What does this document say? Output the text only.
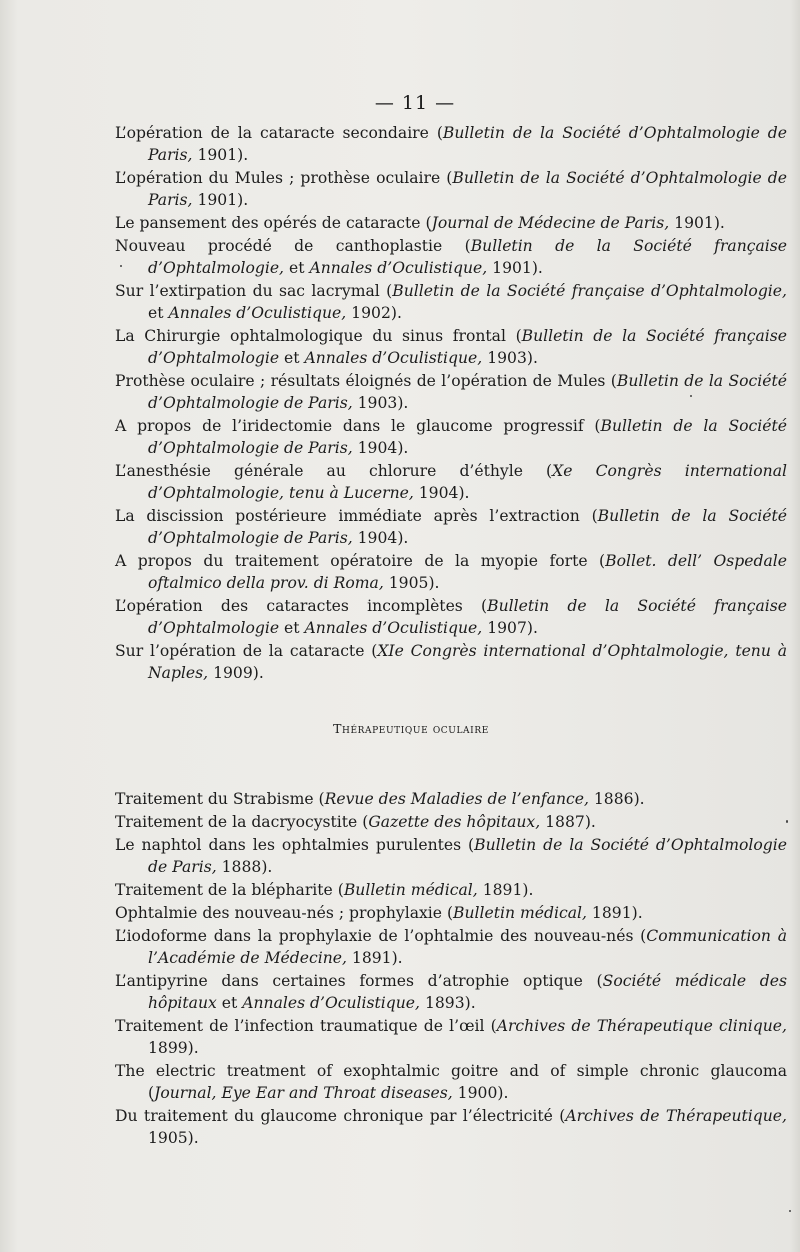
— 11 —

L’opération de la cataracte secondaire (Bulletin de la Société d’Ophtalmologie de Paris, 1901).

L’opération du Mules ; prothèse oculaire (Bulletin de la Société d’Ophtalmologie de Paris, 1901).

Le pansement des opérés de cataracte (Journal de Médecine de Paris, 1901).

Nouveau procédé de canthoplastie (Bulletin de la Société française d’Ophtalmologie, et Annales d’Oculistique, 1901).

Sur l’extirpation du sac lacrymal (Bulletin de la Société française d’Ophtalmologie, et Annales d’Oculistique, 1902).

La Chirurgie ophtalmologique du sinus frontal (Bulletin de la Société française d’Ophtalmologie et Annales d’Oculistique, 1903).

Prothèse oculaire ; résultats éloignés de l’opération de Mules (Bulletin de la Société d’Ophtalmologie de Paris, 1903).

A propos de l’iridectomie dans le glaucome progressif (Bulletin de la Société d’Ophtalmologie de Paris, 1904).

L’anesthésie générale au chlorure d’éthyle (Xe Congrès international d’Ophtalmologie, tenu à Lucerne, 1904).

La discission postérieure immédiate après l’extraction (Bulletin de la Société d’Ophtalmologie de Paris, 1904).

A propos du traitement opératoire de la myopie forte (Bollet. dell’ Ospedale oftalmico della prov. di Roma, 1905).

L’opération des cataractes incomplètes (Bulletin de la Société française d’Ophtalmologie et Annales d’Oculistique, 1907).

Sur l’opération de la cataracte (XIe Congrès international d’Ophtalmologie, tenu à Naples, 1909).

Thérapeutique oculaire

Traitement du Strabisme (Revue des Maladies de l’enfance, 1886).

Traitement de la dacryocystite (Gazette des hôpitaux, 1887).

Le naphtol dans les ophtalmies purulentes (Bulletin de la Société d’Ophtalmologie de Paris, 1888).

Traitement de la blépharite (Bulletin médical, 1891).

Ophtalmie des nouveau-nés ; prophylaxie (Bulletin médical, 1891).

L’iodoforme dans la prophylaxie de l’ophtalmie des nouveau-nés (Communication à l’Académie de Médecine, 1891).

L’antipyrine dans certaines formes d’atrophie optique (Société médicale des hôpitaux et Annales d’Oculistique, 1893).

Traitement de l’infection traumatique de l’œil (Archives de Thérapeutique clinique, 1899).

The electric treatment of exophtalmic goitre and of simple chronic glaucoma (Journal, Eye Ear and Throat diseases, 1900).

Du traitement du glaucome chronique par l’électricité (Archives de Thérapeutique, 1905).
